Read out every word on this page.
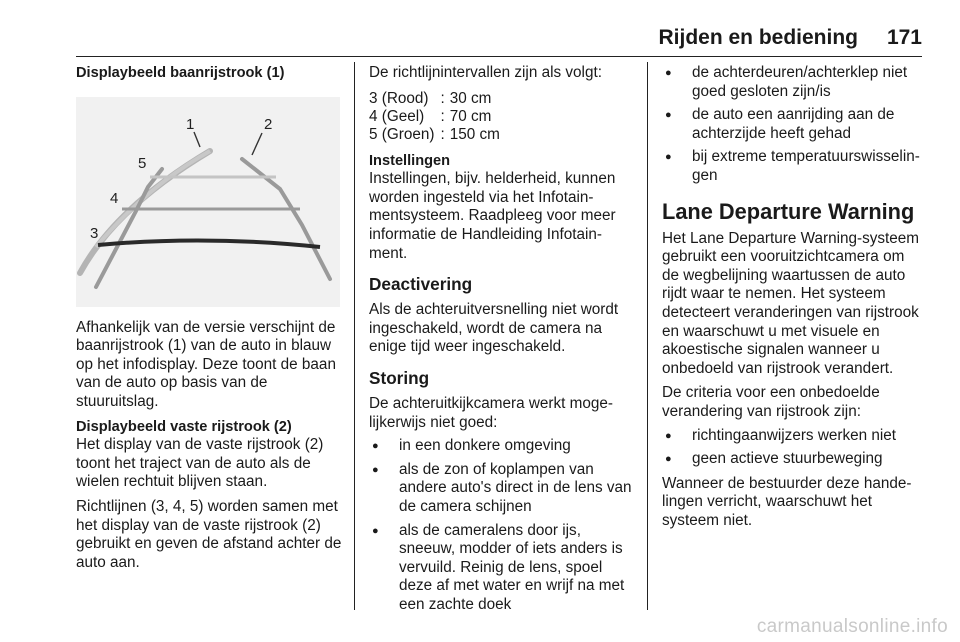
Rijden en bediening 171
Displaybeeld baanrijstrook (1)
1	2
3
4
5

Afhankelijk van de versie verschijnt de baanrijstrook (1) van de auto in blauw op het infodisplay. Deze toont de baan van de auto op basis van de stuuruitslag.

Displaybeeld vaste rijstrook (2)

Het display van de vaste rijstrook (2) toont het traject van de auto als de wielen rechtuit blijven staan.

Richtlijnen (3, 4, 5) worden samen met het display van de vaste rijstrook (2) gebruikt en geven de afstand achter de auto aan.

De richtlijnintervallen zijn als volgt:

3 (Rood)	:	30 cm
4 (Geel)	:	70 cm
5 (Groen)	:	150 cm
Instellingen

Instellingen, bijv. helderheid, kunnen worden ingesteld via het Infotainmentsysteem. Raadpleeg voor meer informatie de Handleiding Infotainment.

Deactivering

Als de achteruitversnelling niet wordt ingeschakeld, wordt de camera na enige tijd weer ingeschakeld.

Storing

De achteruitkijkcamera werkt mogelijkerwijs niet goed:

● in een donkere omgeving
● als de zon of koplampen van andere auto's direct in de lens van de camera schijnen
● als de cameralens door ijs, sneeuw, modder of iets anders is vervuild. Reinig de lens, spoel deze af met water en wrijf na met een zachte doek
● de achterdeuren/achterklep niet goed gesloten zijn/is
● de auto een aanrijding aan de achterzijde heeft gehad
● bij extreme temperatuurswisselingen
Lane Departure Warning

Het Lane Departure Warning-systeem gebruikt een vooruitzichtcamera om de wegbelijning waartussen de auto rijdt waar te nemen. Het systeem detecteert veranderingen van rijstrook en waarschuwt u met visuele en akoestische signalen wanneer u onbedoeld van rijstrook verandert.

De criteria voor een onbedoelde verandering van rijstrook zijn:

● richtingaanwijzers werken niet
● geen actieve stuurbeweging

Wanneer de bestuurder deze handelingen verricht, waarschuwt het systeem niet.

carmanualsonline.info
